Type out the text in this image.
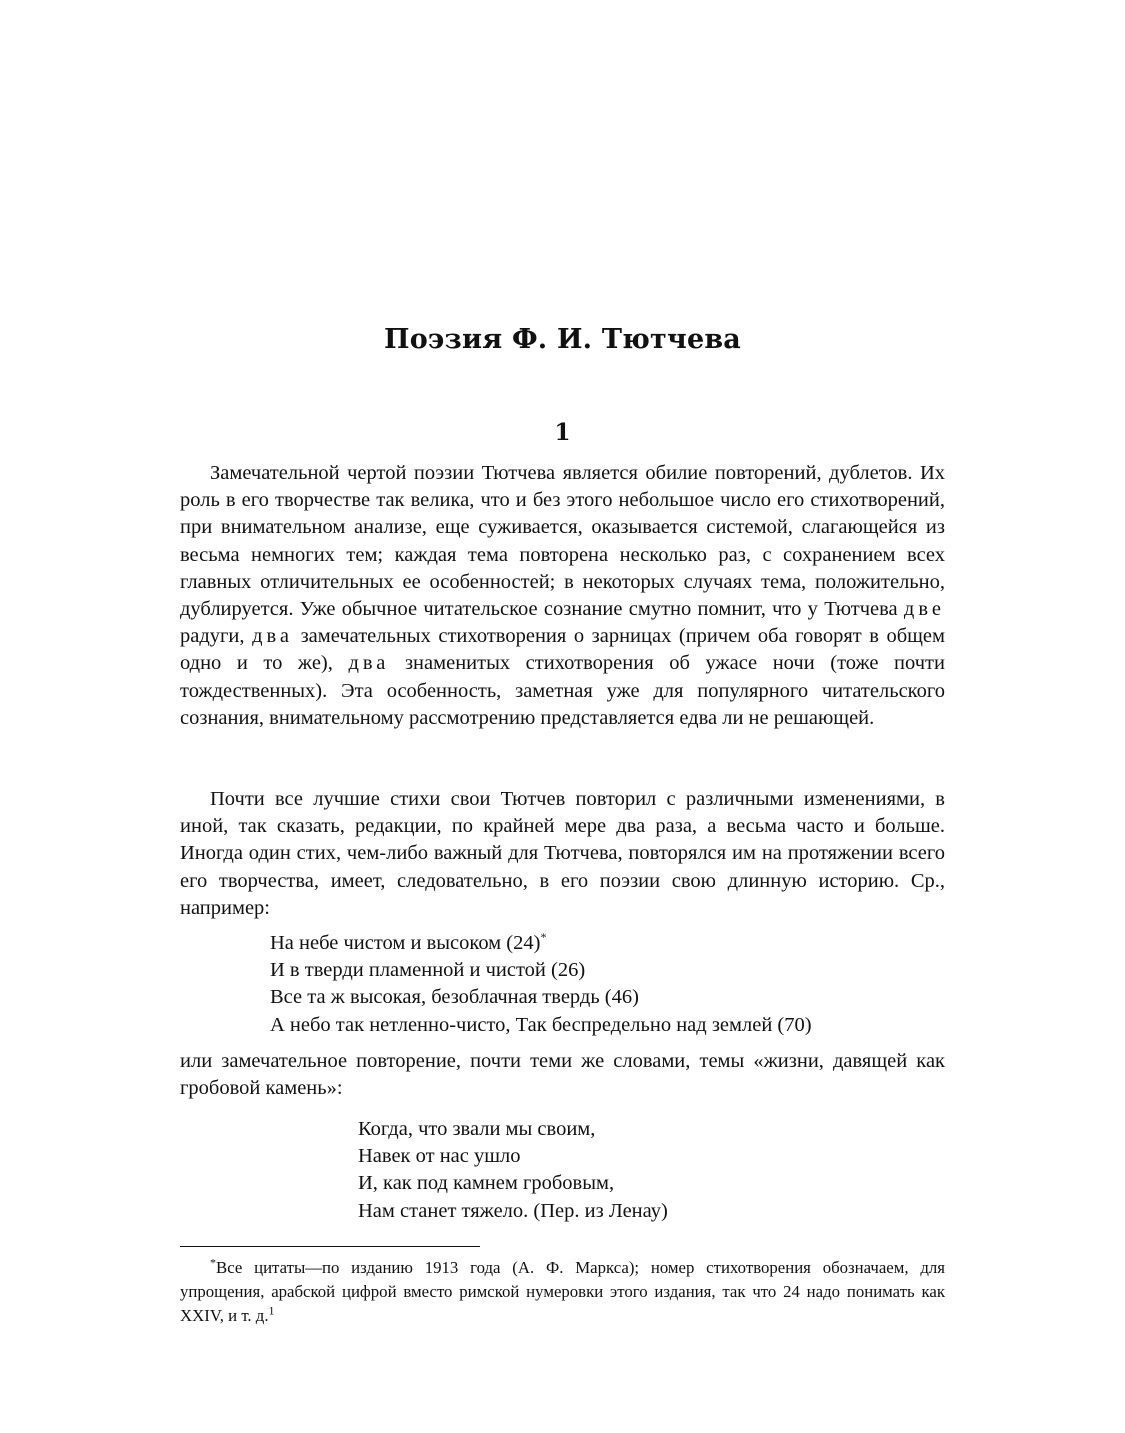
Поэзия Ф. И. Тютчева
1

Замечательной чертой поэзии Тютчева является обилие повторений, дублетов. Их роль в его творчестве так велика, что и без этого небольшое число его стихотворений, при внимательном анализе, еще суживается, оказывается системой, слагающейся из весьма немногих тем; каждая тема повторена несколько раз, с сохранением всех главных отличительных ее особенностей; в некоторых случаях тема, положительно, дублируется. Уже обычное читательское сознание смутно помнит, что у Тютчева две радуги, два замечательных стихотворения о зарницах (причем оба говорят в общем одно и то же), два знаменитых стихотворения об ужасе ночи (тоже почти тождественных). Эта особенность, заметная уже для популярного читательского сознания, внимательному рассмотрению представляется едва ли не решающей.

Почти все лучшие стихи свои Тютчев повторил с различными изменениями, в иной, так сказать, редакции, по крайней мере два раза, а весьма часто и больше. Иногда один стих, чем-либо важный для Тютчева, повторялся им на протяжении всего его творчества, имеет, следовательно, в его поэзии свою длинную историю. Ср., например:

На небе чистом и высоком (24)*
И в тверди пламенной и чистой (26)
Все та ж высокая, безоблачная твердь (46)
А небо так нетленно-чисто, Так беспредельно над землей (70)

или замечательное повторение, почти теми же словами, темы «жизни, давящей как гробовой камень»:

Когда, что звали мы своим,
Навек от нас ушло
И, как под камнем гробовым,
Нам станет тяжело. (Пер. из Ленау)

*Все цитаты—по изданию 1913 года (А. Ф. Маркса); номер стихотворения обозначаем, для упрощения, арабской цифрой вместо римской нумеровки этого издания, так что 24 надо понимать как XXIV, и т. д.$^1$
